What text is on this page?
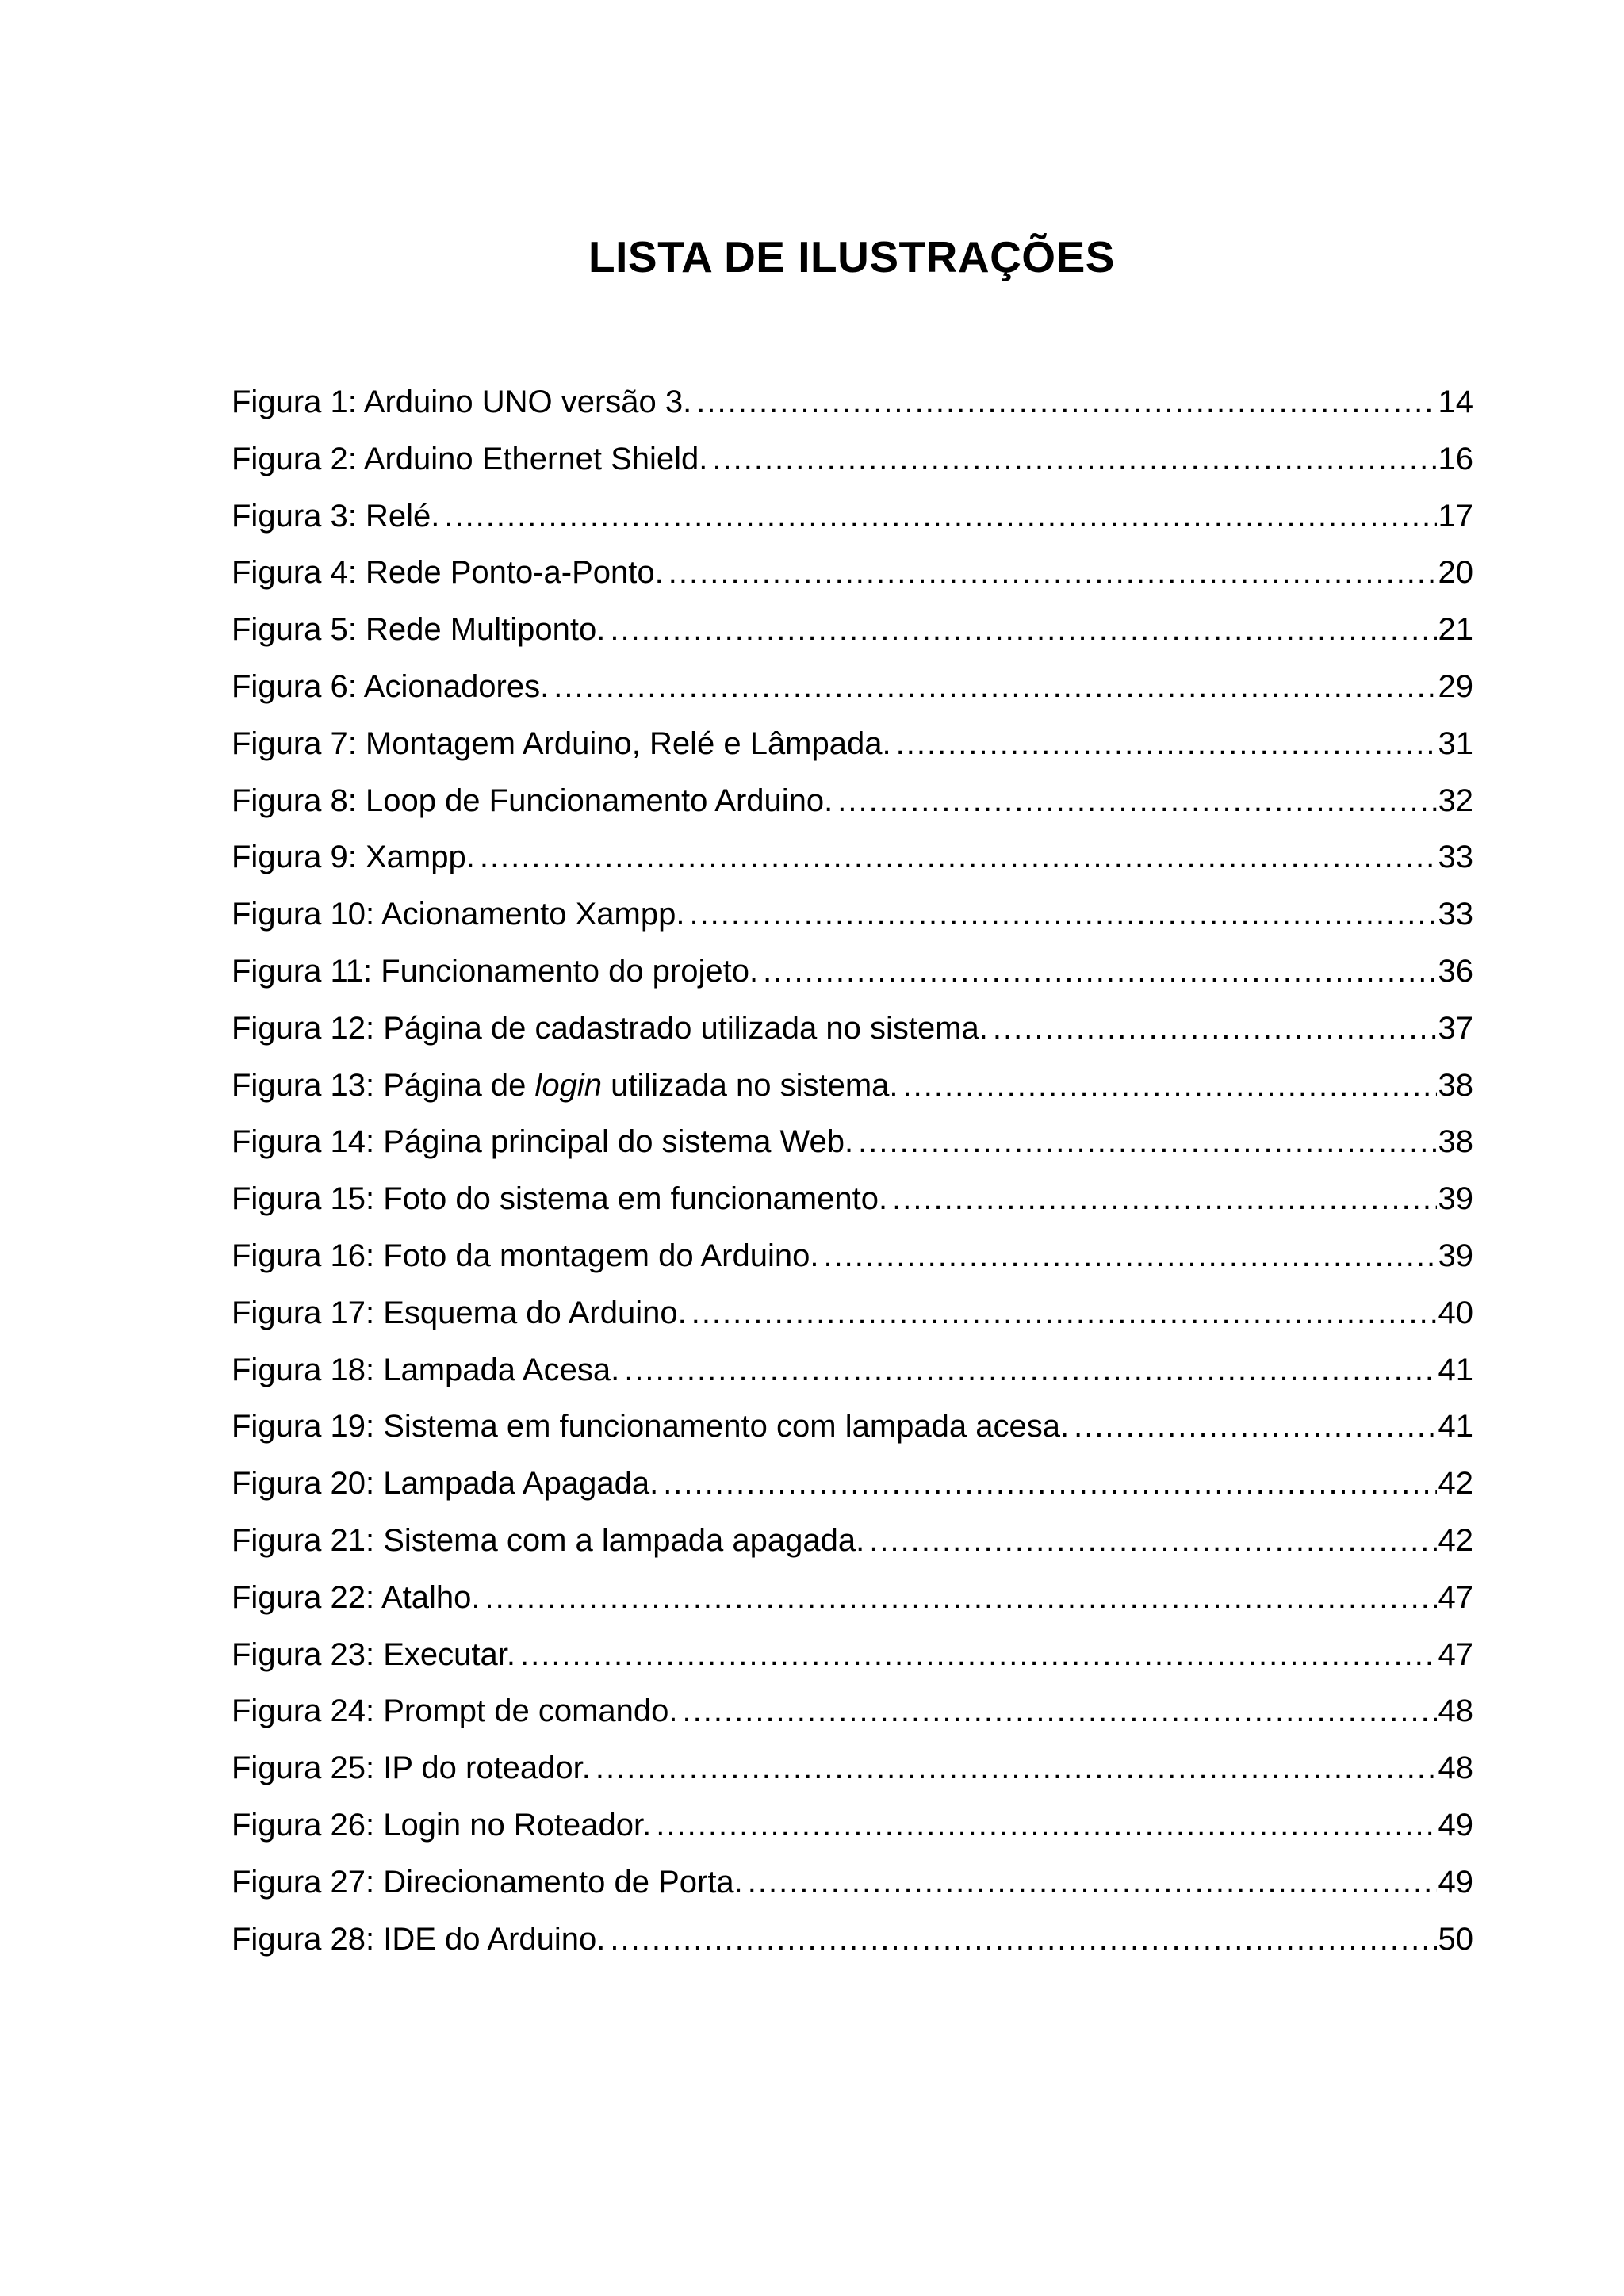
LISTA DE ILUSTRAÇÕES
Figura 1: Arduino UNO versão 3. .....	14
Figura 2: Arduino Ethernet Shield. .....	16
Figura 3: Relé. .....	17
Figura 4: Rede Ponto-a-Ponto. .....	20
Figura 5: Rede Multiponto. .....	21
Figura 6: Acionadores. .....	29
Figura 7: Montagem Arduino, Relé e Lâmpada. .....	31
Figura 8: Loop de Funcionamento Arduino. .....	32
Figura 9: Xampp. .....	33
Figura 10: Acionamento Xampp. .....	33
Figura 11: Funcionamento do projeto. .....	36
Figura 12: Página de cadastrado utilizada no sistema. .....	37
Figura 13: Página de login utilizada no sistema. .....	38
Figura 14: Página principal do sistema Web. .....	38
Figura 15: Foto do sistema em funcionamento. .....	39
Figura 16: Foto da montagem do Arduino. .....	39
Figura 17: Esquema do Arduino. .....	40
Figura 18: Lampada Acesa. .....	41
Figura 19: Sistema em funcionamento com lampada acesa. .....	41
Figura 20: Lampada Apagada. .....	42
Figura 21: Sistema com a lampada apagada. .....	42
Figura 22: Atalho. .....	47
Figura 23: Executar. .....	47
Figura 24: Prompt de comando. .....	48
Figura 25: IP do roteador. .....	48
Figura 26: Login no Roteador. .....	49
Figura 27: Direcionamento de Porta. .....	49
Figura 28: IDE do Arduino. .....	50
